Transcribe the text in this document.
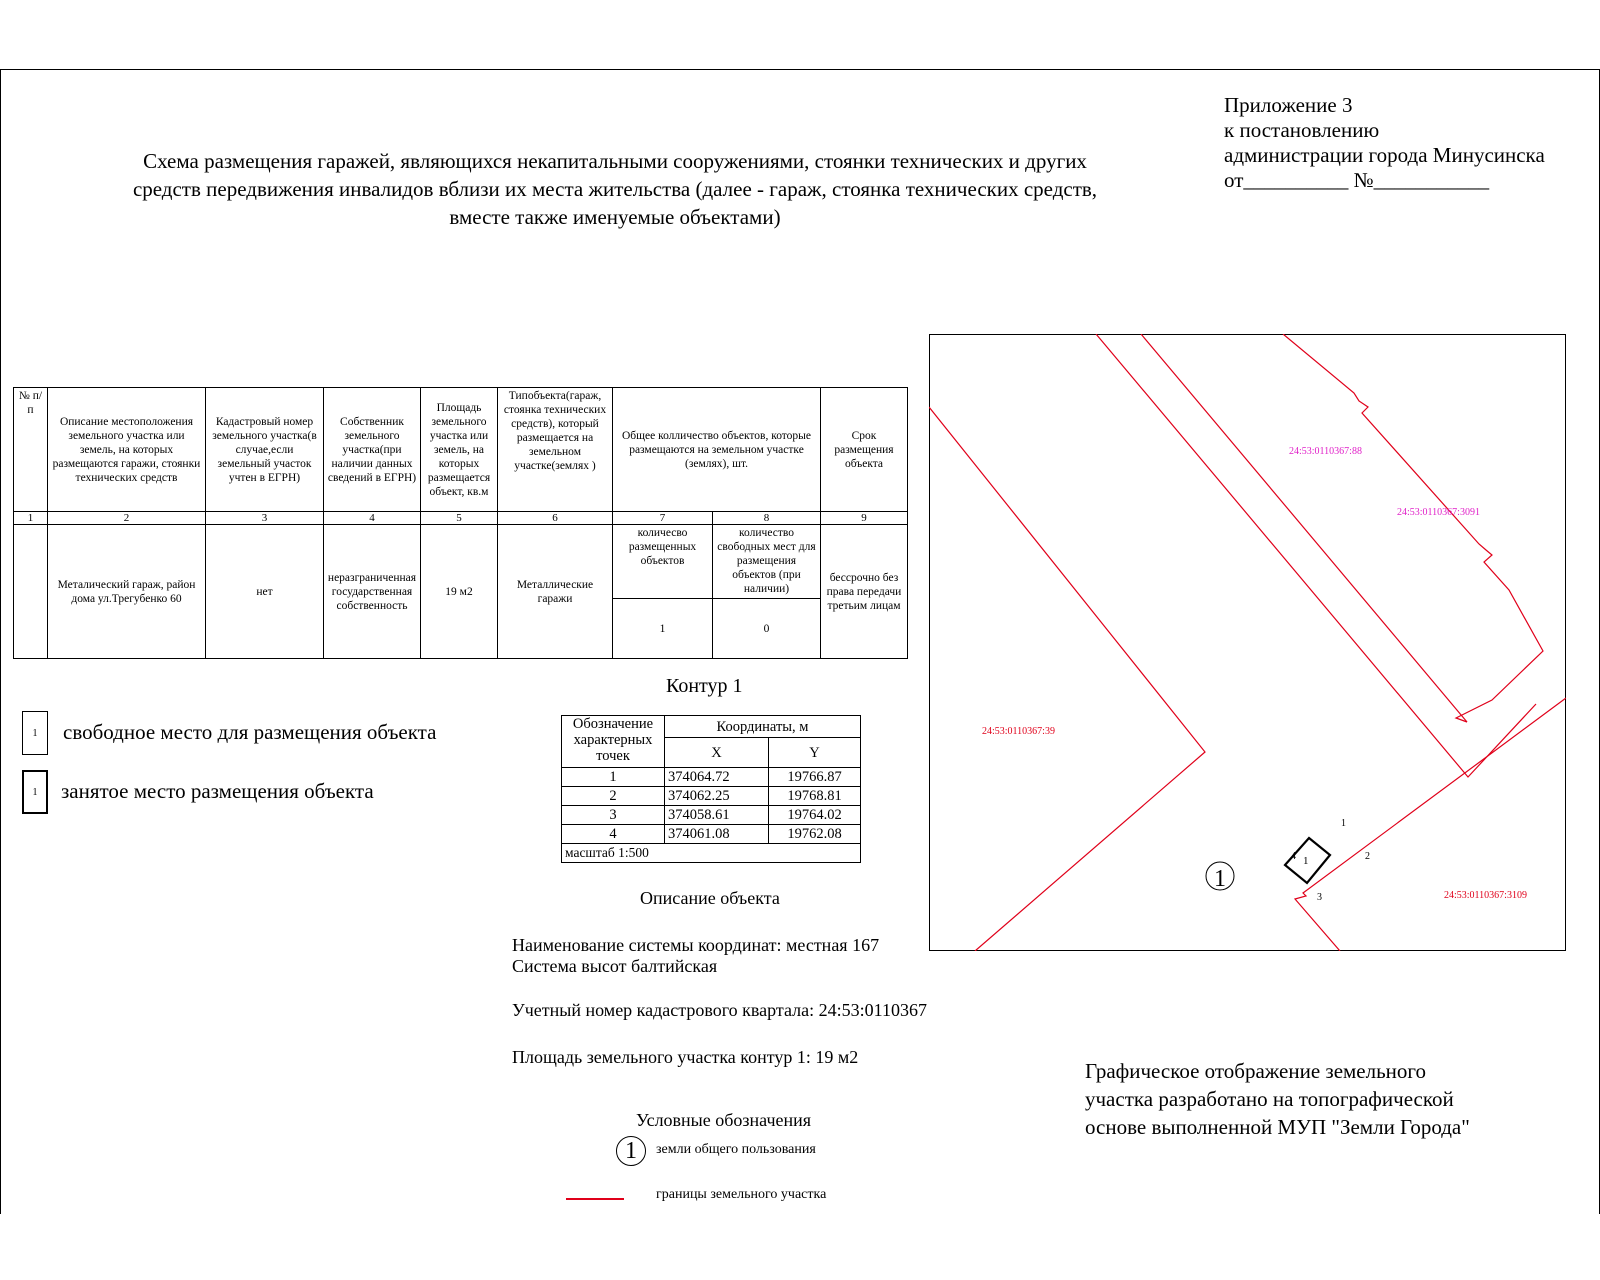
Приложение 3
к постановлению
администрации города Минусинска
от__________ №___________
Схема размещения гаражей, являющихся некапитальными сооружениями, стоянки технических и других
средств передвижения инвалидов вблизи их места жительства (далее - гараж, стоянка технических средств,
вместе также именуемые объектами)
№ п/п	Описание местоположения земельного участка или земель, на которых размещаются гаражи, стоянки технических средств	Кадастровый номер земельного участка(в случае,если земельный участок учтен в ЕГРН)	Собственник земельного участка(при наличии данных сведений в ЕГРН)	Площадь земельного участка или земель, на которых размещается объект, кв.м	Типобъекта(гараж, стоянка технических средств), который размещается на земельном участке(землях )	Общее колличество объектов, которые размещаются на земельном участке (землях), шт.		Срок размещения объекта
1	2	3	4	5	6	7	8	9
	Металический гараж, район дома ул.Трегубенко 60	нет	неразграниченная государственная собственность	19 м2	Металлические гаражи	количесво размещенных объектов	количество свободных мест для размещения объектов (при наличии)	бессрочно без права передачи третьим лицам
						1	0	
1 свободное место для размещения объекта
1 занятое место размещения объекта
Контур 1
Обозначение характерных точек	Координаты, м	
	X	Y
1	374064.72	19766.87
2	374062.25	19768.81
3	374058.61	19764.02
4	374061.08	19762.08
масштаб 1:500		
Описание объекта
Наименование системы координат: местная 167
Система высот балтийская
Учетный номер кадастрового квартала: 24:53:0110367
Площадь земельного участка контур 1: 19 м2
Условные обозначения
1 земли общего пользования
границы земельного участка
Графическое отображение земельного
участка разработано на топографической
основе выполненной МУП "Земли Города"
24:53:0110367:88
24:53:0110367:3091
24:53:0110367:39
24:53:0110367:3109
1
1
1
2
3
4
